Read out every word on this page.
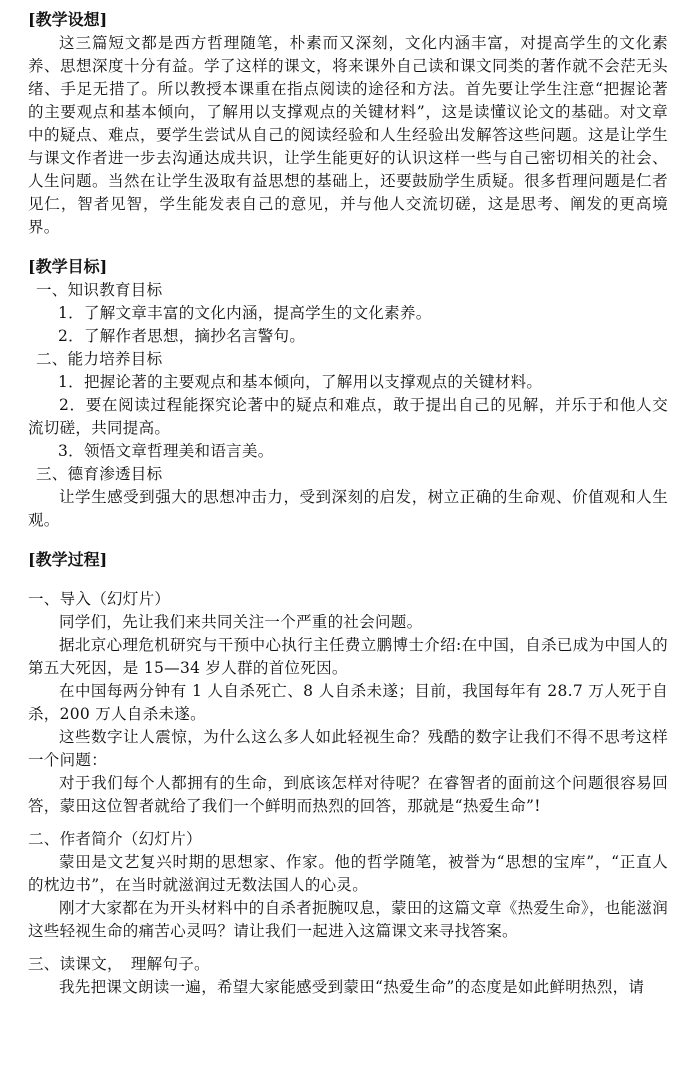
[教学设想]

这三篇短文都是西方哲理随笔，朴素而又深刻，文化内涵丰富，对提高学生的文化素养、思想深度十分有益。学了这样的课文，将来课外自己读和课文同类的著作就不会茫无头绪、手足无措了。所以教授本课重在指点阅读的途径和方法。首先要让学生注意“把握论著的主要观点和基本倾向，了解用以支撑观点的关键材料”，这是读懂议论文的基础。对文章中的疑点、难点，要学生尝试从自己的阅读经验和人生经验出发解答这些问题。这是让学生与课文作者进一步去沟通达成共识，让学生能更好的认识这样一些与自己密切相关的社会、人生问题。当然在让学生汲取有益思想的基础上，还要鼓励学生质疑。很多哲理问题是仁者见仁，智者见智，学生能发表自己的意见，并与他人交流切磋，这是思考、阐发的更高境界。

[教学目标]

一、知识教育目标

1．了解文章丰富的文化内涵，提高学生的文化素养。

2．了解作者思想，摘抄名言警句。

二、能力培养目标

1．把握论著的主要观点和基本倾向，了解用以支撑观点的关键材料。

2．要在阅读过程能探究论著中的疑点和难点，敢于提出自己的见解，并乐于和他人交流切磋，共同提高。

3．领悟文章哲理美和语言美。

三、德育渗透目标

让学生感受到强大的思想冲击力，受到深刻的启发，树立正确的生命观、价值观和人生观。

[教学过程]

一、导入（幻灯片）

同学们，先让我们来共同关注一个严重的社会问题。

据北京心理危机研究与干预中心执行主任费立鹏博士介绍:在中国，自杀已成为中国人的第五大死因，是 15—34 岁人群的首位死因。

在中国每两分钟有 1 人自杀死亡、8 人自杀未遂；目前，我国每年有 28.7 万人死于自杀，200 万人自杀未遂。

这些数字让人震惊，为什么这么多人如此轻视生命？残酷的数字让我们不得不思考这样一个问题：

对于我们每个人都拥有的生命，到底该怎样对待呢？在睿智者的面前这个问题很容易回答，蒙田这位智者就给了我们一个鲜明而热烈的回答，那就是“热爱生命”!

二、作者简介（幻灯片）

蒙田是文艺复兴时期的思想家、作家。他的哲学随笔，被誉为“思想的宝库”，“正直人的枕边书”，在当时就滋润过无数法国人的心灵。

刚才大家都在为开头材料中的自杀者扼腕叹息，蒙田的这篇文章《热爱生命》，也能滋润这些轻视生命的痛苦心灵吗？请让我们一起进入这篇课文来寻找答案。

三、读课文，　理解句子。

我先把课文朗读一遍，希望大家能感受到蒙田“热爱生命”的态度是如此鲜明热烈，请
